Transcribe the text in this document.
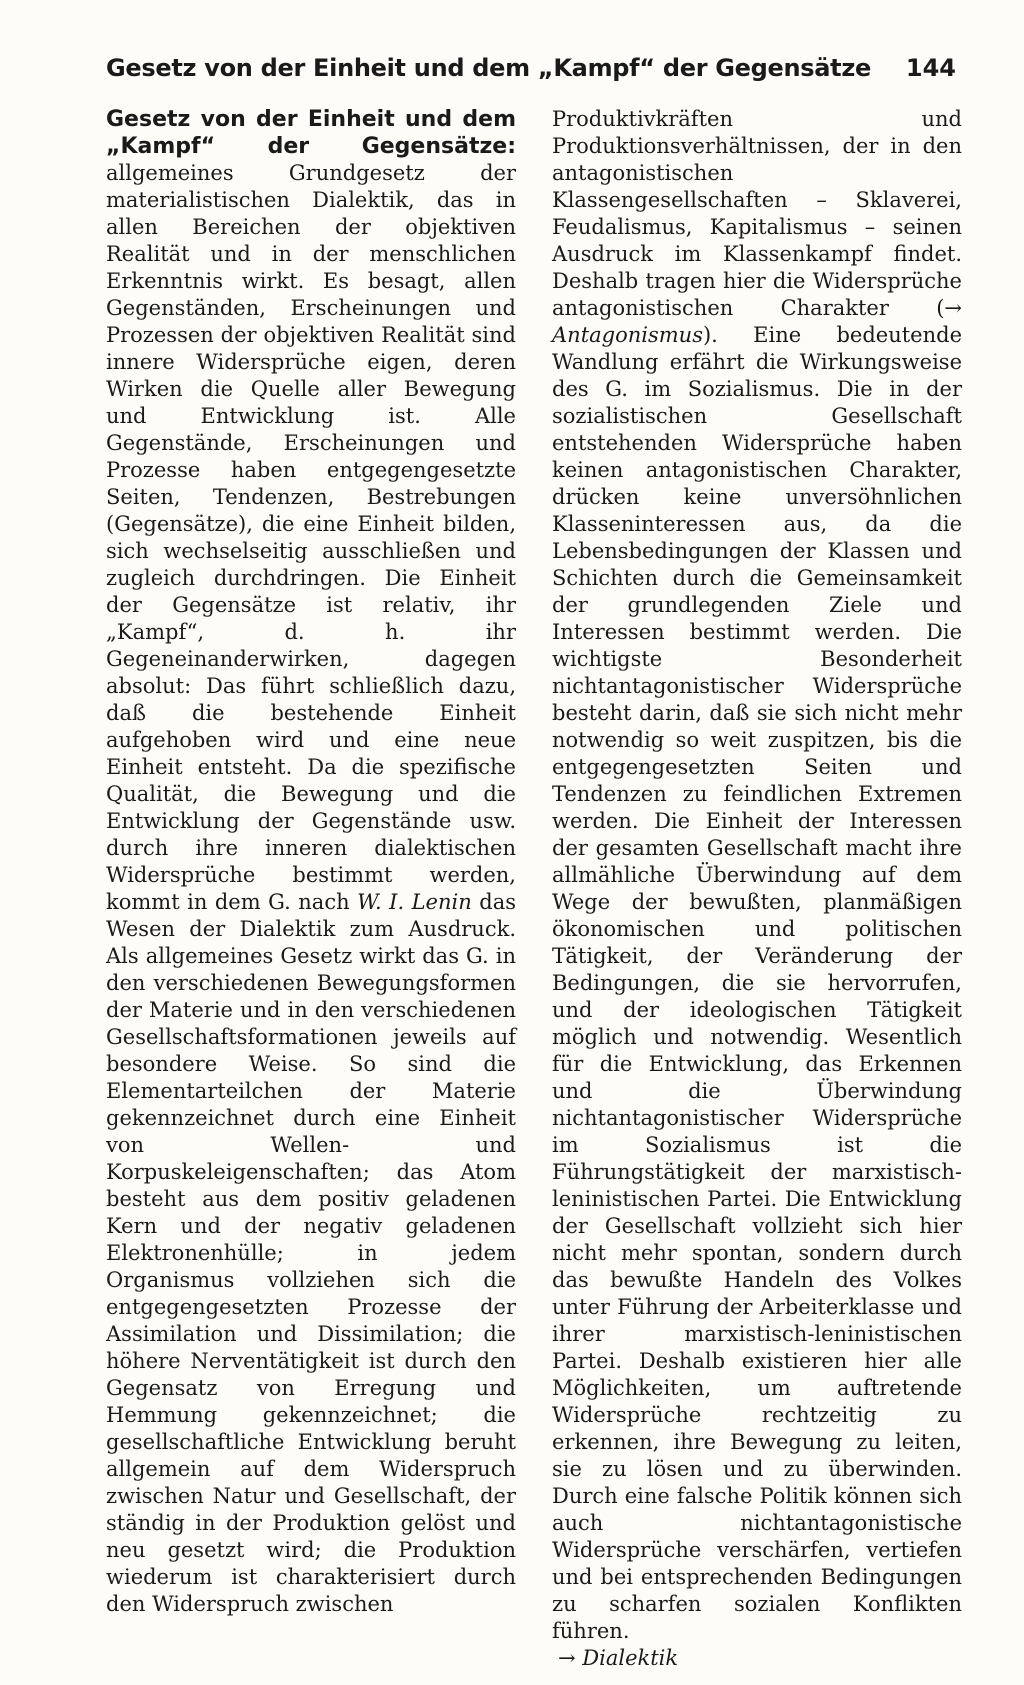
Gesetz von der Einheit und dem „Kampf“ der Gegensätze 144

Gesetz von der Einheit und dem „Kampf“ der Gegensätze: allgemeines Grundgesetz der materialistischen Dialektik, das in allen Bereichen der objektiven Realität und in der menschlichen Erkenntnis wirkt. Es besagt, allen Gegenständen, Erscheinungen und Prozessen der objektiven Realität sind innere Widersprüche eigen, deren Wirken die Quelle aller Bewegung und Entwicklung ist. Alle Gegenstände, Erscheinungen und Prozesse haben entgegengesetzte Seiten, Tendenzen, Bestrebungen (Gegensätze), die eine Einheit bilden, sich wechselseitig ausschließen und zugleich durchdringen. Die Einheit der Gegensätze ist relativ, ihr „Kampf“, d. h. ihr Gegeneinanderwirken, dagegen absolut: Das führt schließlich dazu, daß die bestehende Einheit aufgehoben wird und eine neue Einheit entsteht. Da die spezifische Qualität, die Bewegung und die Entwicklung der Gegenstände usw. durch ihre inneren dialektischen Widersprüche bestimmt werden, kommt in dem G. nach W. I. Lenin das Wesen der Dialektik zum Ausdruck. Als allgemeines Gesetz wirkt das G. in den verschiedenen Bewegungsformen der Materie und in den verschiedenen Gesellschaftsformationen jeweils auf besondere Weise. So sind die Elementarteilchen der Materie gekennzeichnet durch eine Einheit von Wellen- und Korpuskeleigenschaften; das Atom besteht aus dem positiv geladenen Kern und der negativ geladenen Elektronenhülle; in jedem Organismus vollziehen sich die entgegengesetzten Prozesse der Assimilation und Dissimilation; die höhere Nerventätigkeit ist durch den Gegensatz von Erregung und Hemmung gekennzeichnet; die gesellschaftliche Entwicklung beruht allgemein auf dem Widerspruch zwischen Natur und Gesellschaft, der ständig in der Produktion gelöst und neu gesetzt wird; die Produktion wiederum ist charakterisiert durch den Widerspruch zwischen

Produktivkräften und Produktionsverhältnissen, der in den antagonistischen Klassengesellschaften – Sklaverei, Feudalismus, Kapitalismus – seinen Ausdruck im Klassenkampf findet. Deshalb tragen hier die Widersprüche antagonistischen Charakter (→ Antagonismus). Eine bedeutende Wandlung erfährt die Wirkungsweise des G. im Sozialismus. Die in der sozialistischen Gesellschaft entstehenden Widersprüche haben keinen antagonistischen Charakter, drücken keine unversöhnlichen Klasseninteressen aus, da die Lebensbedingungen der Klassen und Schichten durch die Gemeinsamkeit der grundlegenden Ziele und Interessen bestimmt werden. Die wichtigste Besonderheit nichtantagonistischer Widersprüche besteht darin, daß sie sich nicht mehr notwendig so weit zuspitzen, bis die entgegengesetzten Seiten und Tendenzen zu feindlichen Extremen werden. Die Einheit der Interessen der gesamten Gesellschaft macht ihre allmähliche Überwindung auf dem Wege der bewußten, planmäßigen ökonomischen und politischen Tätigkeit, der Veränderung der Bedingungen, die sie hervorrufen, und der ideologischen Tätigkeit möglich und notwendig. Wesentlich für die Entwicklung, das Erkennen und die Überwindung nichtantagonistischer Widersprüche im Sozialismus ist die Führungstätigkeit der marxistisch-leninistischen Partei. Die Entwicklung der Gesellschaft vollzieht sich hier nicht mehr spontan, sondern durch das bewußte Handeln des Volkes unter Führung der Arbeiterklasse und ihrer marxistisch-leninistischen Partei. Deshalb existieren hier alle Möglichkeiten, um auftretende Widersprüche rechtzeitig zu erkennen, ihre Bewegung zu leiten, sie zu lösen und zu überwinden. Durch eine falsche Politik können sich auch nichtantagonistische Widersprüche verschärfen, vertiefen und bei entsprechenden Bedingungen zu scharfen sozialen Konflikten führen.

→ Dialektik
